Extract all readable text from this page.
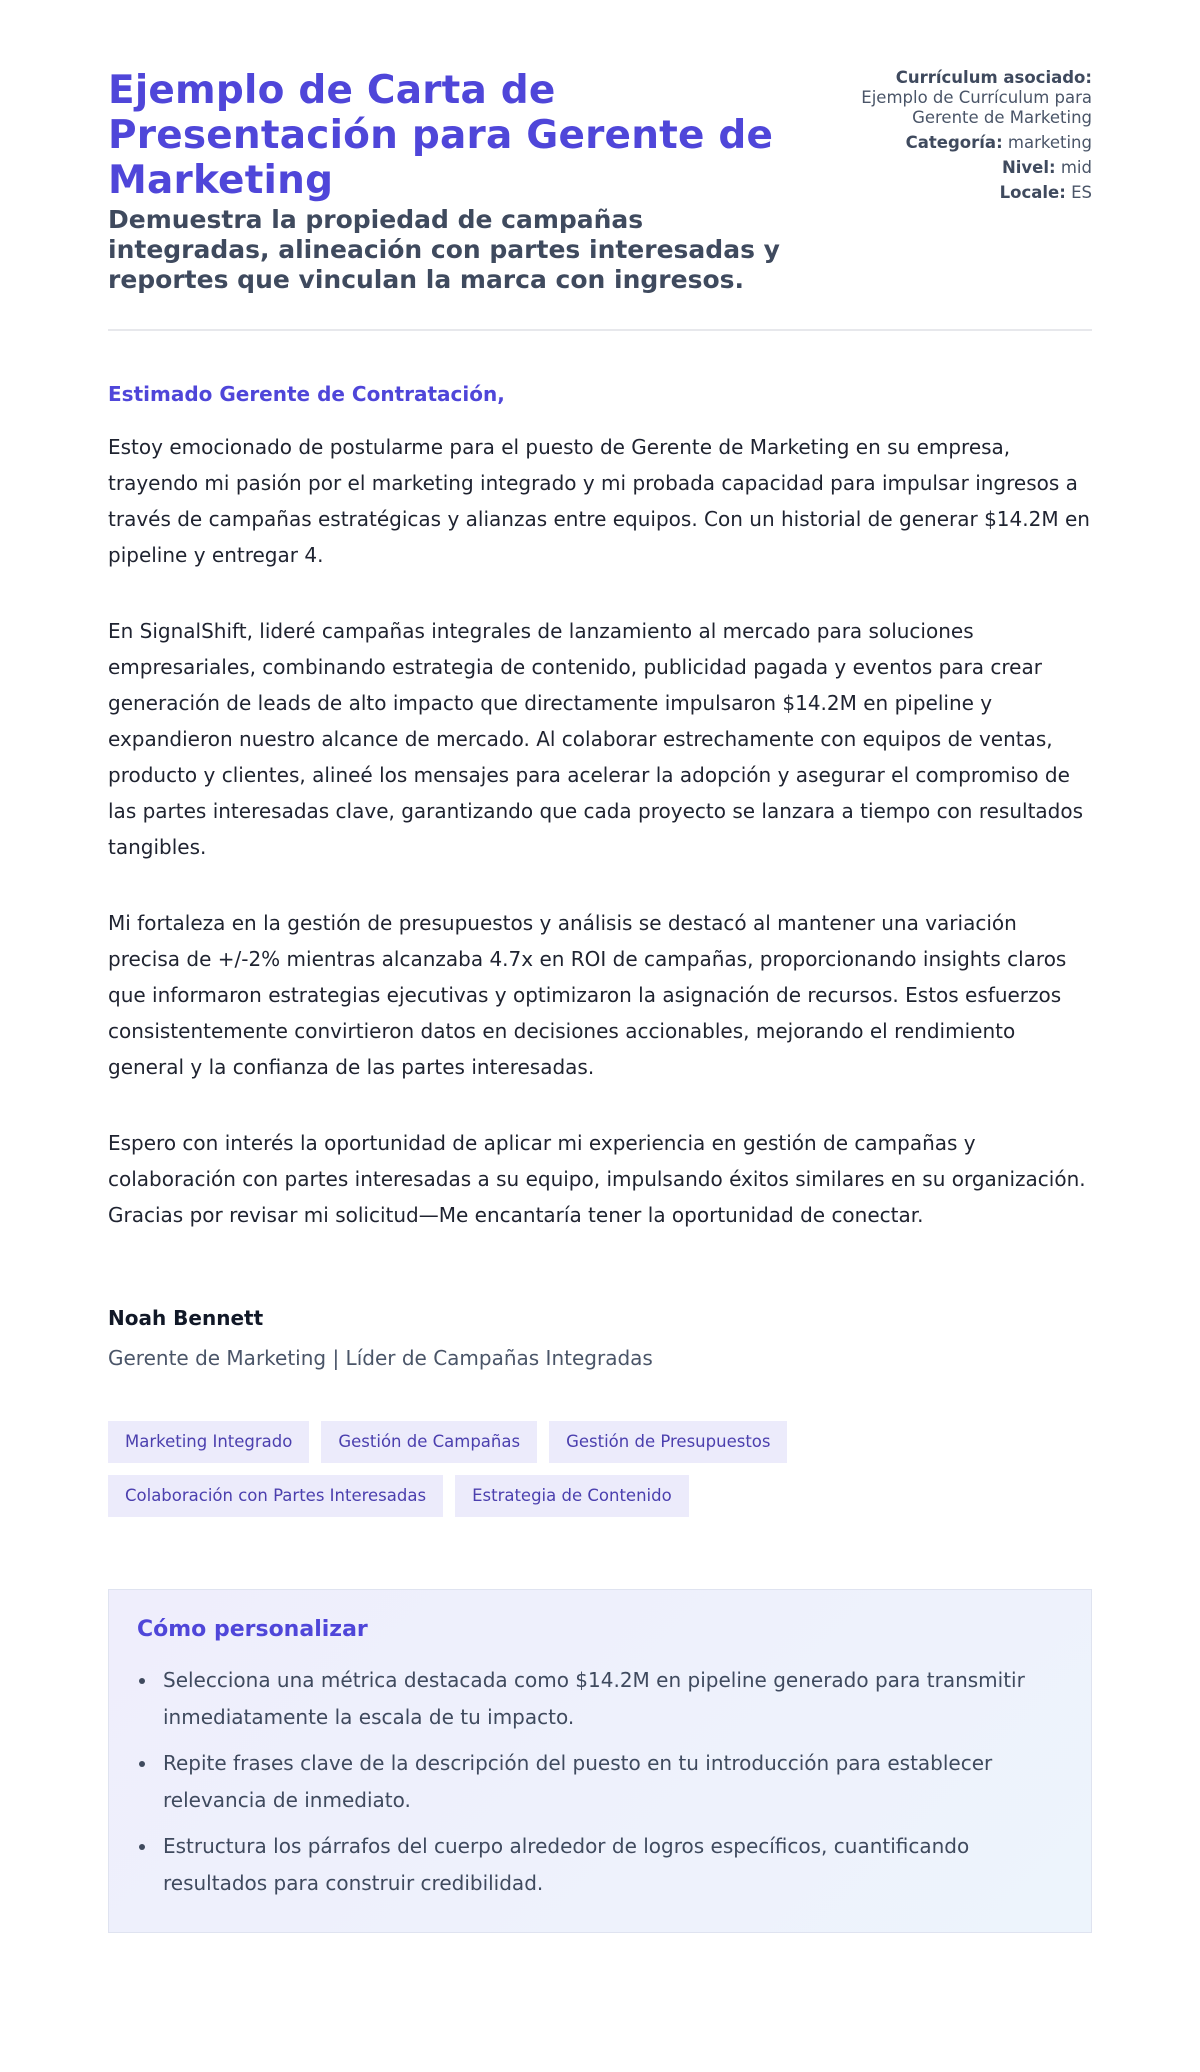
Ejemplo de Carta de Presentación para Gerente de Marketing
Demuestra la propiedad de campañas integradas, alineación con partes interesadas y reportes que vinculan la marca con ingresos.
Currículum asociado:
Ejemplo de Currículum para Gerente de Marketing
Categoría: marketing
Nivel: mid
Locale: ES

Estimado Gerente de Contratación,

Estoy emocionado de postularme para el puesto de Gerente de Marketing en su empresa, trayendo mi pasión por el marketing integrado y mi probada capacidad para impulsar ingresos a través de campañas estratégicas y alianzas entre equipos. Con un historial de generar $14.2M en pipeline y entregar 4.

En SignalShift, lideré campañas integrales de lanzamiento al mercado para soluciones empresariales, combinando estrategia de contenido, publicidad pagada y eventos para crear generación de leads de alto impacto que directamente impulsaron $14.2M en pipeline y expandieron nuestro alcance de mercado. Al colaborar estrechamente con equipos de ventas, producto y clientes, alineé los mensajes para acelerar la adopción y asegurar el compromiso de las partes interesadas clave, garantizando que cada proyecto se lanzara a tiempo con resultados tangibles.

Mi fortaleza en la gestión de presupuestos y análisis se destacó al mantener una variación precisa de +/-2% mientras alcanzaba 4.7x en ROI de campañas, proporcionando insights claros que informaron estrategias ejecutivas y optimizaron la asignación de recursos. Estos esfuerzos consistentemente convirtieron datos en decisiones accionables, mejorando el rendimiento general y la confianza de las partes interesadas.

Espero con interés la oportunidad de aplicar mi experiencia en gestión de campañas y colaboración con partes interesadas a su equipo, impulsando éxitos similares en su organización. Gracias por revisar mi solicitud—Me encantaría tener la oportunidad de conectar.

Noah Bennett

Gerente de Marketing | Líder de Campañas Integradas

Marketing Integrado	Gestión de Campañas	Gestión de Presupuestos
Colaboración con Partes Interesadas	Estrategia de Contenido
Cómo personalizar
Selecciona una métrica destacada como $14.2M en pipeline generado para transmitir inmediatamente la escala de tu impacto.
Repite frases clave de la descripción del puesto en tu introducción para establecer relevancia de inmediato.
Estructura los párrafos del cuerpo alrededor de logros específicos, cuantificando resultados para construir credibilidad.
